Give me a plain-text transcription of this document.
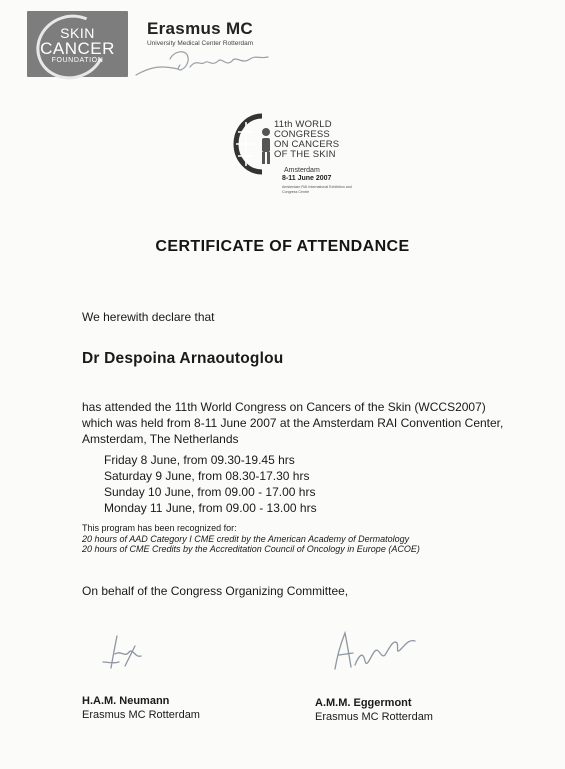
SKIN
CANCER
FOUNDATION
Erasmus MC
University Medical Center Rotterdam
11th WORLD
CONGRESS
ON CANCERS
OF THE SKIN
Amsterdam
8-11 June 2007
Amsterdam RAI International Exhibition and Congress Centre
CERTIFICATE OF ATTENDANCE
We herewith declare that
Dr Despoina Arnaoutoglou
has attended the 11th World Congress on Cancers of the Skin (WCCS2007)
which was held from 8-11 June 2007 at the Amsterdam RAI Convention Center,
Amsterdam, The Netherlands
Friday 8 June, from 09.30-19.45 hrs
Saturday 9 June, from 08.30-17.30 hrs
Sunday 10 June, from 09.00 - 17.00 hrs
Monday 11 June, from 09.00 - 13.00 hrs
This program has been recognized for:
20 hours of AAD Category I CME credit by the American Academy of Dermatology
20 hours of CME Credits by the Accreditation Council of Oncology in Europe (ACOE)
On behalf of the Congress Organizing Committee,
H.A.M. Neumann
Erasmus MC Rotterdam
A.M.M. Eggermont
Erasmus MC Rotterdam
